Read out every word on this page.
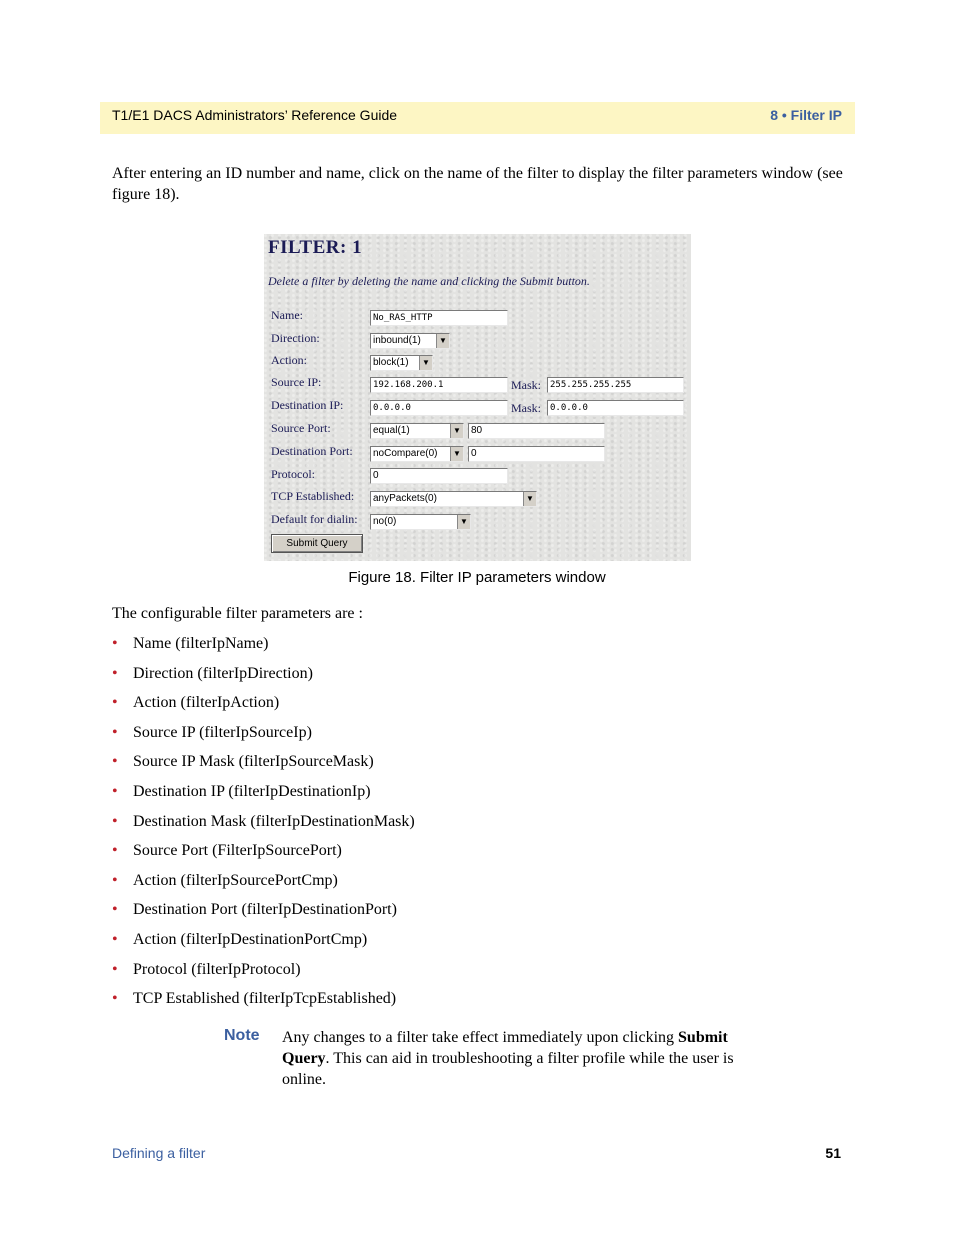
T1/E1 DACS Administrators’ Reference Guide	8 • Filter IP
After entering an ID number and name, click on the name of the filter to display the filter parameters window (see figure 18).
FILTER: 1
Delete a filter by deleting the name and clicking the Submit button.
Name:	No_RAS_HTTP
Direction:	inbound(1)	▼
Action:	block(1)	▼
Source IP:	192.168.200.1	Mask:	255.255.255.255
Destination IP:	0.0.0.0	Mask:	0.0.0.0
Source Port:	equal(1)	▼	80
Destination Port:	noCompare(0)	▼	0
Protocol:	0
TCP Established:	anyPackets(0)	▼
Default for dialin:	no(0)	▼
Submit Query
Figure 18. Filter IP parameters window
The configurable filter parameters are :
• Name (filterIpName)
• Direction (filterIpDirection)
• Action (filterIpAction)
• Source IP (filterIpSourceIp)
• Source IP Mask (filterIpSourceMask)
• Destination IP (filterIpDestinationIp)
• Destination Mask (filterIpDestinationMask)
• Source Port (FilterIpSourcePort)
• Action (filterIpSourcePortCmp)
• Destination Port (filterIpDestinationPort)
• Action (filterIpDestinationPortCmp)
• Protocol (filterIpProtocol)
• TCP Established (filterIpTcpEstablished)
Note Any changes to a filter take effect immediately upon clicking Submit Query. This can aid in troubleshooting a filter profile while the user is online.
Defining a filter	51
